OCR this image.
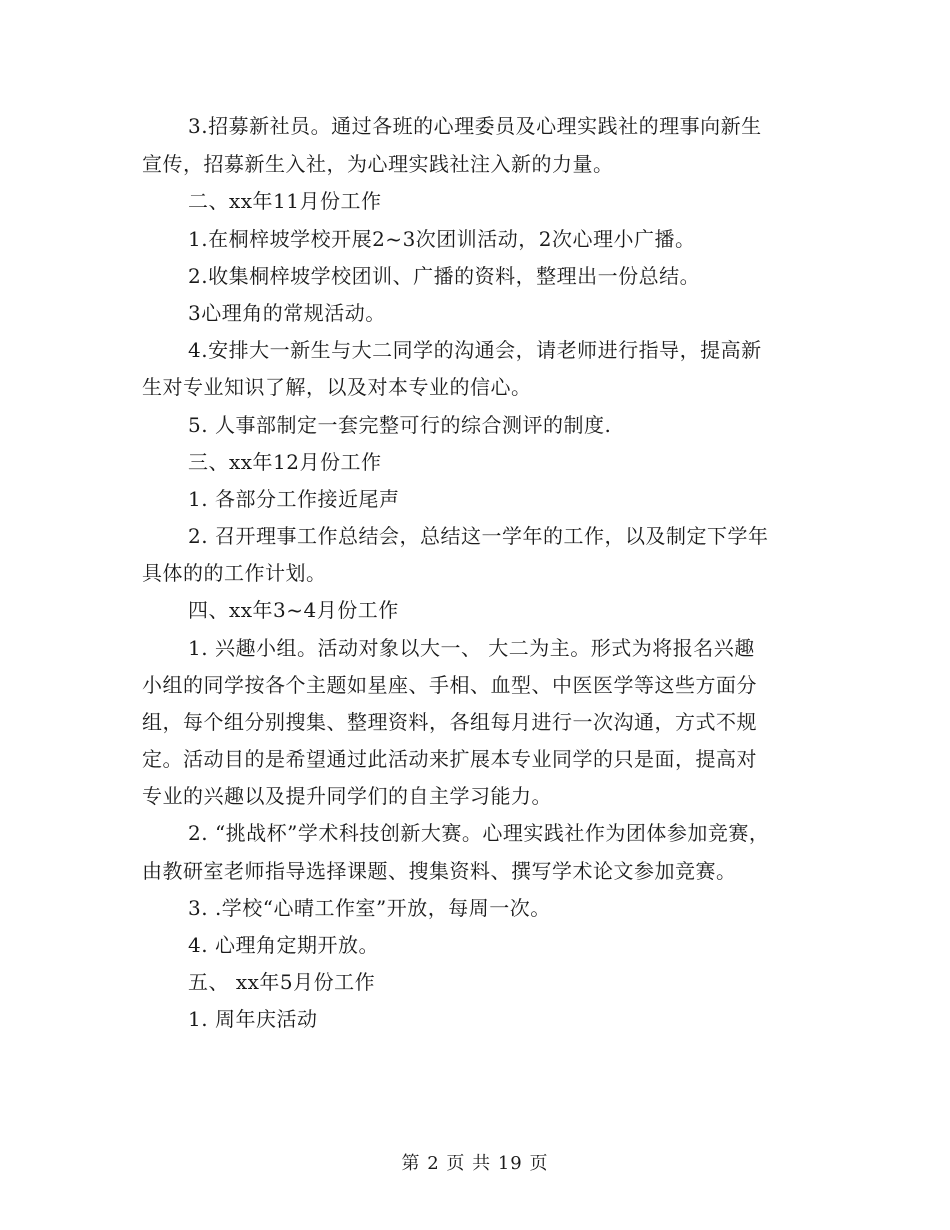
3.招募新社员。通过各班的心理委员及心理实践社的理事向新生
宣传，招募新生入社，为心理实践社注入新的力量。
二、xx年11月份工作
1.在桐梓坡学校开展2~3次团训活动，2次心理小广播。
2.收集桐梓坡学校团训、广播的资料，整理出一份总结。
3心理角的常规活动。
4.安排大一新生与大二同学的沟通会，请老师进行指导，提高新
生对专业知识了解，以及对本专业的信心。
5. 人事部制定一套完整可行的综合测评的制度.
三、xx年12月份工作
1. 各部分工作接近尾声
2. 召开理事工作总结会，总结这一学年的工作，以及制定下学年
具体的的工作计划。
四、xx年3~4月份工作
1. 兴趣小组。活动对象以大一、 大二为主。形式为将报名兴趣
小组的同学按各个主题如星座、手相、血型、中医医学等这些方面分
组，每个组分别搜集、整理资料，各组每月进行一次沟通，方式不规
定。活动目的是希望通过此活动来扩展本专业同学的只是面，提高对
专业的兴趣以及提升同学们的自主学习能力。
2. “挑战杯”学术科技创新大赛。心理实践社作为团体参加竞赛，
由教研室老师指导选择课题、搜集资料、撰写学术论文参加竞赛。
3. .学校“心晴工作室”开放，每周一次。
4. 心理角定期开放。
五、 xx年5月份工作
1. 周年庆活动
第 2 页 共 19 页
